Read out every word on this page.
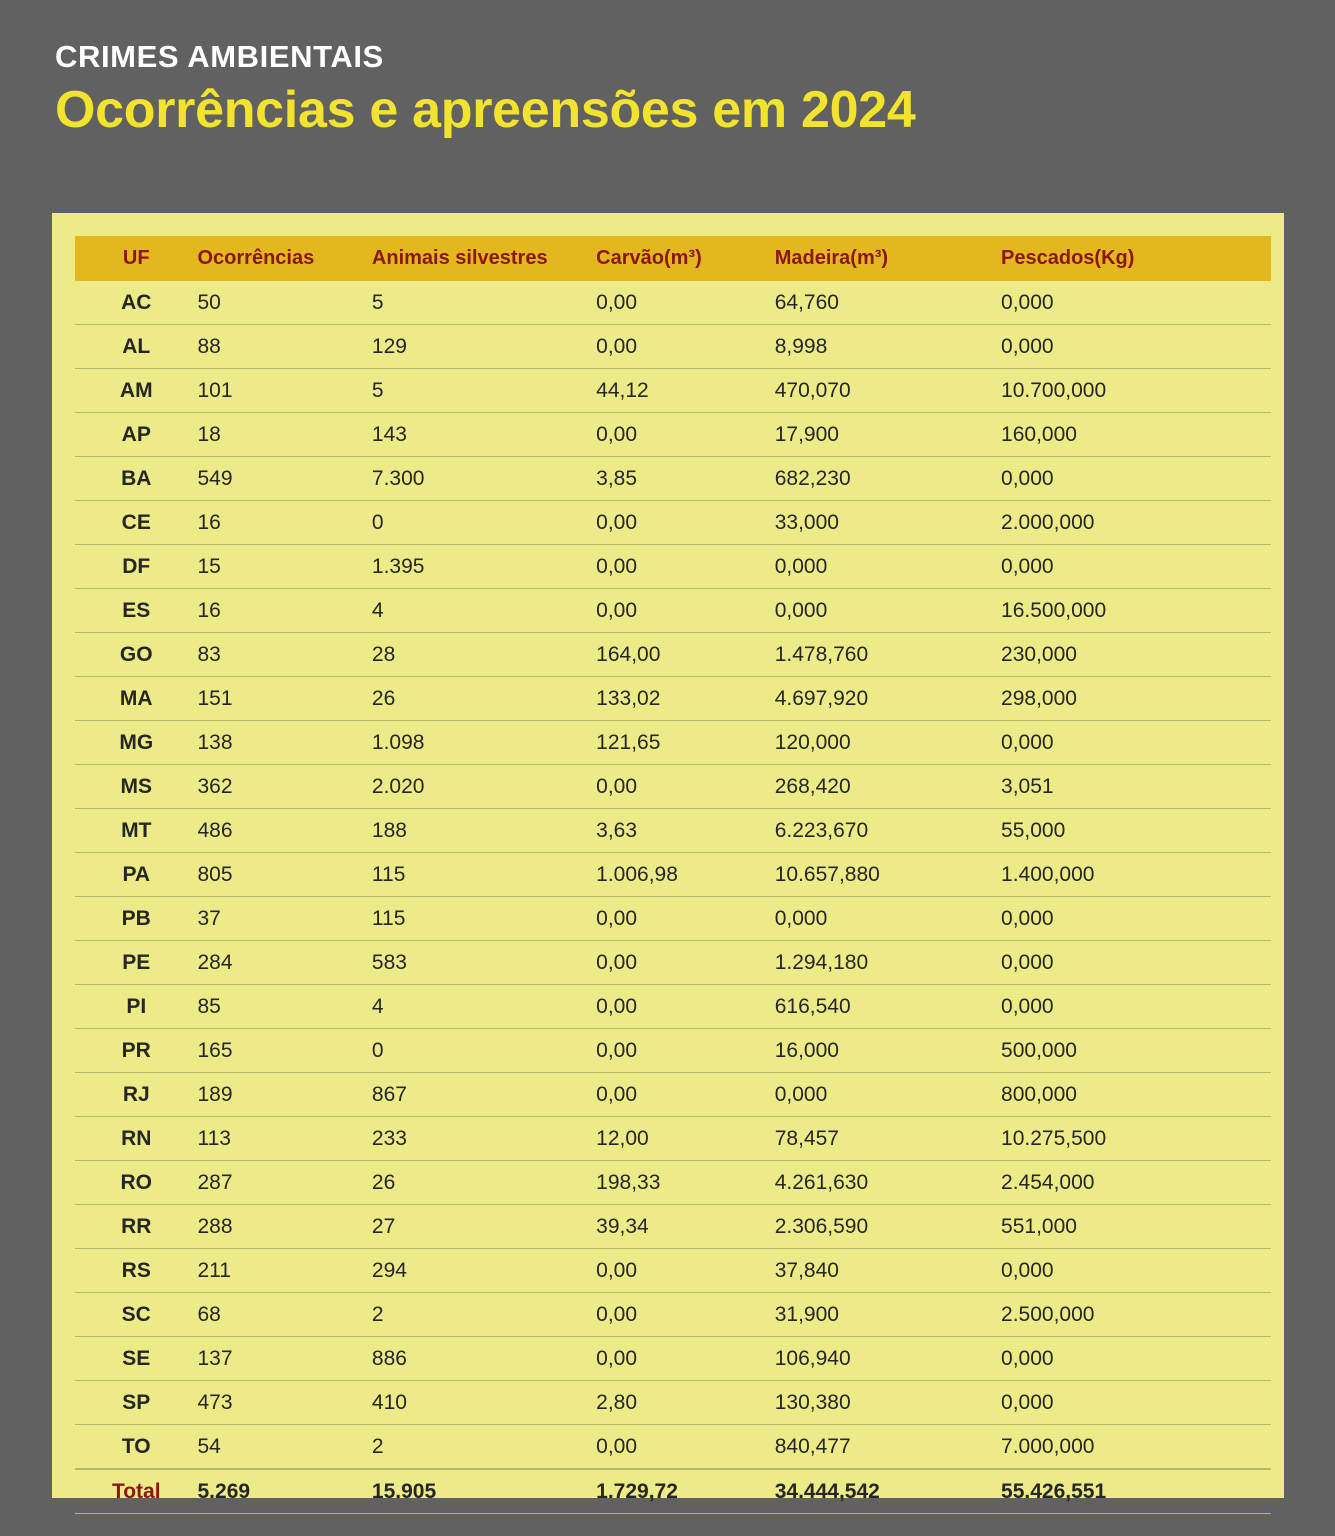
CRIMES AMBIENTAIS
Ocorrências e apreensões em 2024
UF	Ocorrências	Animais silvestres	Carvão(m³)	Madeira(m³)	Pescados(Kg)
AC	50	5	0,00	64,760	0,000
AL	88	129	0,00	8,998	0,000
AM	101	5	44,12	470,070	10.700,000
AP	18	143	0,00	17,900	160,000
BA	549	7.300	3,85	682,230	0,000
CE	16	0	0,00	33,000	2.000,000
DF	15	1.395	0,00	0,000	0,000
ES	16	4	0,00	0,000	16.500,000
GO	83	28	164,00	1.478,760	230,000
MA	151	26	133,02	4.697,920	298,000
MG	138	1.098	121,65	120,000	0,000
MS	362	2.020	0,00	268,420	3,051
MT	486	188	3,63	6.223,670	55,000
PA	805	115	1.006,98	10.657,880	1.400,000
PB	37	115	0,00	0,000	0,000
PE	284	583	0,00	1.294,180	0,000
PI	85	4	0,00	616,540	0,000
PR	165	0	0,00	16,000	500,000
RJ	189	867	0,00	0,000	800,000
RN	113	233	12,00	78,457	10.275,500
RO	287	26	198,33	4.261,630	2.454,000
RR	288	27	39,34	2.306,590	551,000
RS	211	294	0,00	37,840	0,000
SC	68	2	0,00	31,900	2.500,000
SE	137	886	0,00	106,940	0,000
SP	473	410	2,80	130,380	0,000
TO	54	2	0,00	840,477	7.000,000
Total	5.269	15.905	1.729,72	34.444,542	55.426,551
